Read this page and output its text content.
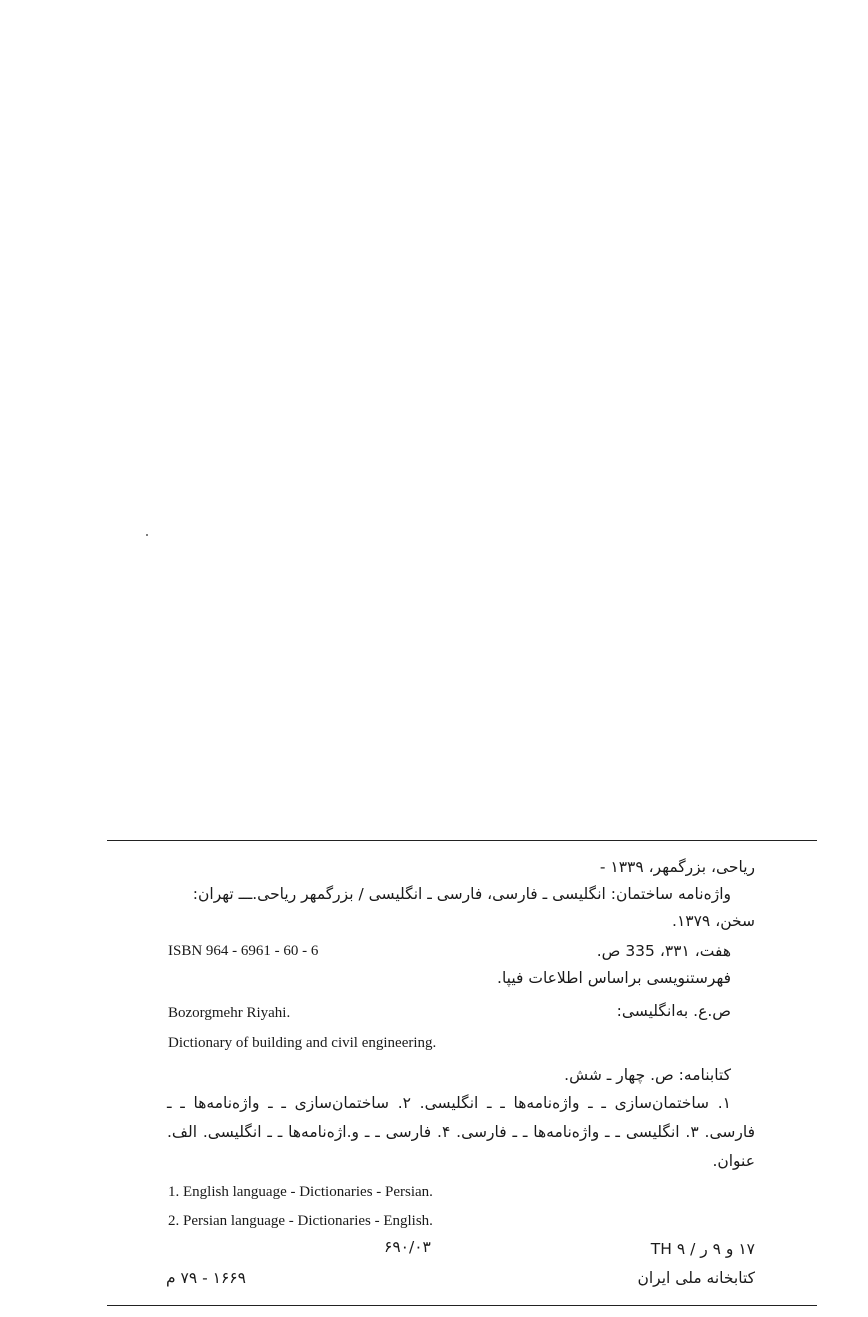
ریاحی، بزرگمهر، ۱۳۳۹ -
واژه‌نامه ساختمان: انگلیسی ـ فارسی، فارسی ـ انگلیسی / بزرگمهر ریاحی.ـــ تهران:
سخن، ۱۳۷۹.
ISBN 964 - 6961 - 60 - 6	هفت، ۳۳۱، 335 ص.
فهرستنویسی براساس اطلاعات فیپا.
Bozorgmehr Riyahi.	ص.ع. به‌انگلیسی:
Dictionary of building and civil engineering.
کتابنامه: ص. چهار ـ شش.
۱. ساختمان‌سازی ـ ـ واژه‌نامه‌ها ـ ـ انگلیسی. ۲. ساختمان‌سازی ـ ـ واژه‌نامه‌ها ـ ـ
فارسی. ۳. انگلیسی ـ ـ واژه‌نامه‌ها ـ ـ فارسی. ۴. فارسی ـ ـ و.اژه‌نامه‌ها ـ ـ انگلیسی. الف.
عنوان.
1. English language - Dictionaries - Persian.
2. Persian language - Dictionaries - English.
۱۷ و ۹ ر / TH ۹
۶۹۰/۰۳
کتابخانه ملی ایران
۱۶۶۹ - ۷۹ م
